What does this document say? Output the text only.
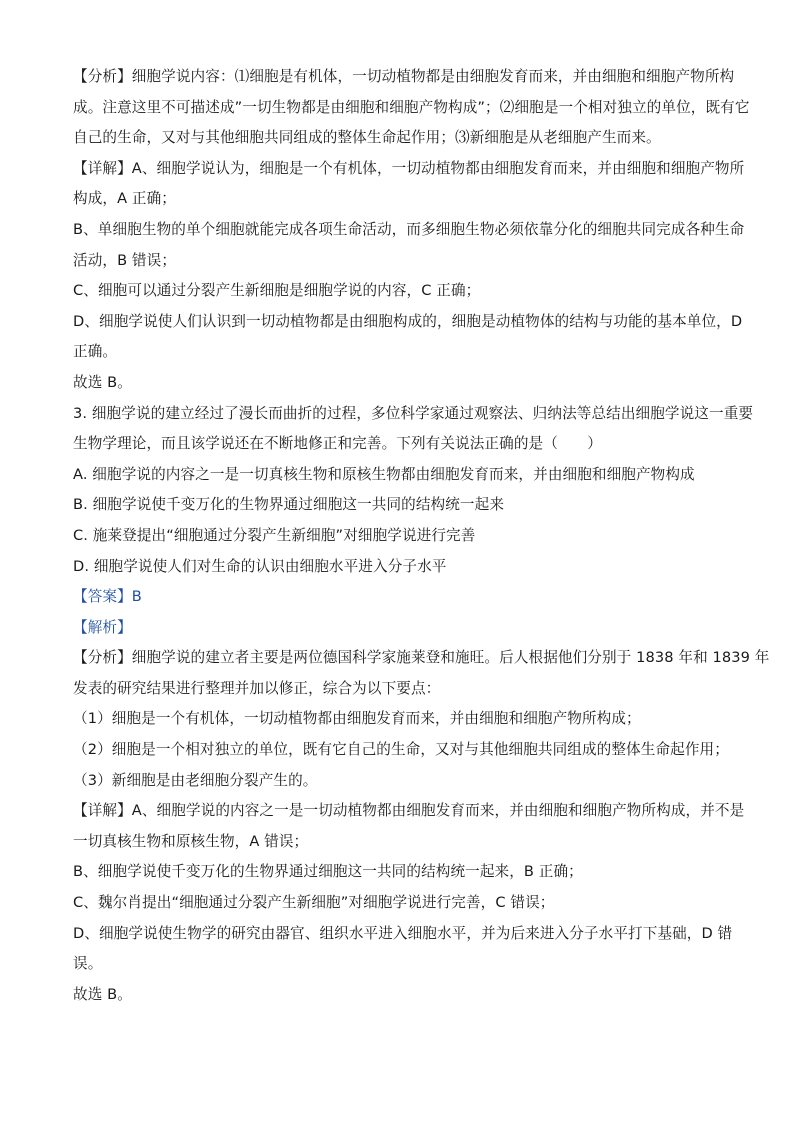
【分析】细胞学说内容：⑴细胞是有机体，一切动植物都是由细胞发育而来，并由细胞和细胞产物所构
成。注意这里不可描述成”一切生物都是由细胞和细胞产物构成”；⑵细胞是一个相对独立的单位，既有它
自己的生命，又对与其他细胞共同组成的整体生命起作用；⑶新细胞是从老细胞产生而来。
【详解】A、细胞学说认为，细胞是一个有机体，一切动植物都由细胞发育而来，并由细胞和细胞产物所
构成，A 正确；
B、单细胞生物的单个细胞就能完成各项生命活动，而多细胞生物必须依靠分化的细胞共同完成各种生命
活动，B 错误；
C、细胞可以通过分裂产生新细胞是细胞学说的内容，C 正确；
D、细胞学说使人们认识到一切动植物都是由细胞构成的，细胞是动植物体的结构与功能的基本单位，D
正确。
故选 B。
3. 细胞学说的建立经过了漫长而曲折的过程，多位科学家通过观察法、归纳法等总结出细胞学说这一重要
生物学理论，而且该学说还在不断地修正和完善。下列有关说法正确的是（　　）
A. 细胞学说的内容之一是一切真核生物和原核生物都由细胞发育而来，并由细胞和细胞产物构成
B. 细胞学说使千变万化的生物界通过细胞这一共同的结构统一起来
C. 施莱登提出“细胞通过分裂产生新细胞”对细胞学说进行完善
D. 细胞学说使人们对生命的认识由细胞水平进入分子水平
【答案】B
【解析】
【分析】细胞学说的建立者主要是两位德国科学家施莱登和施旺。后人根据他们分别于 1838 年和 1839 年
发表的研究结果进行整理并加以修正，综合为以下要点：
（1）细胞是一个有机体，一切动植物都由细胞发育而来，并由细胞和细胞产物所构成；
（2）细胞是一个相对独立的单位，既有它自己的生命，又对与其他细胞共同组成的整体生命起作用；
（3）新细胞是由老细胞分裂产生的。
【详解】A、细胞学说的内容之一是一切动植物都由细胞发育而来，并由细胞和细胞产物所构成，并不是
一切真核生物和原核生物，A 错误；
B、细胞学说使千变万化的生物界通过细胞这一共同的结构统一起来，B 正确；
C、魏尔肖提出“细胞通过分裂产生新细胞”对细胞学说进行完善，C 错误；
D、细胞学说使生物学的研究由器官、组织水平进入细胞水平，并为后来进入分子水平打下基础，D 错
误。
故选 B。
